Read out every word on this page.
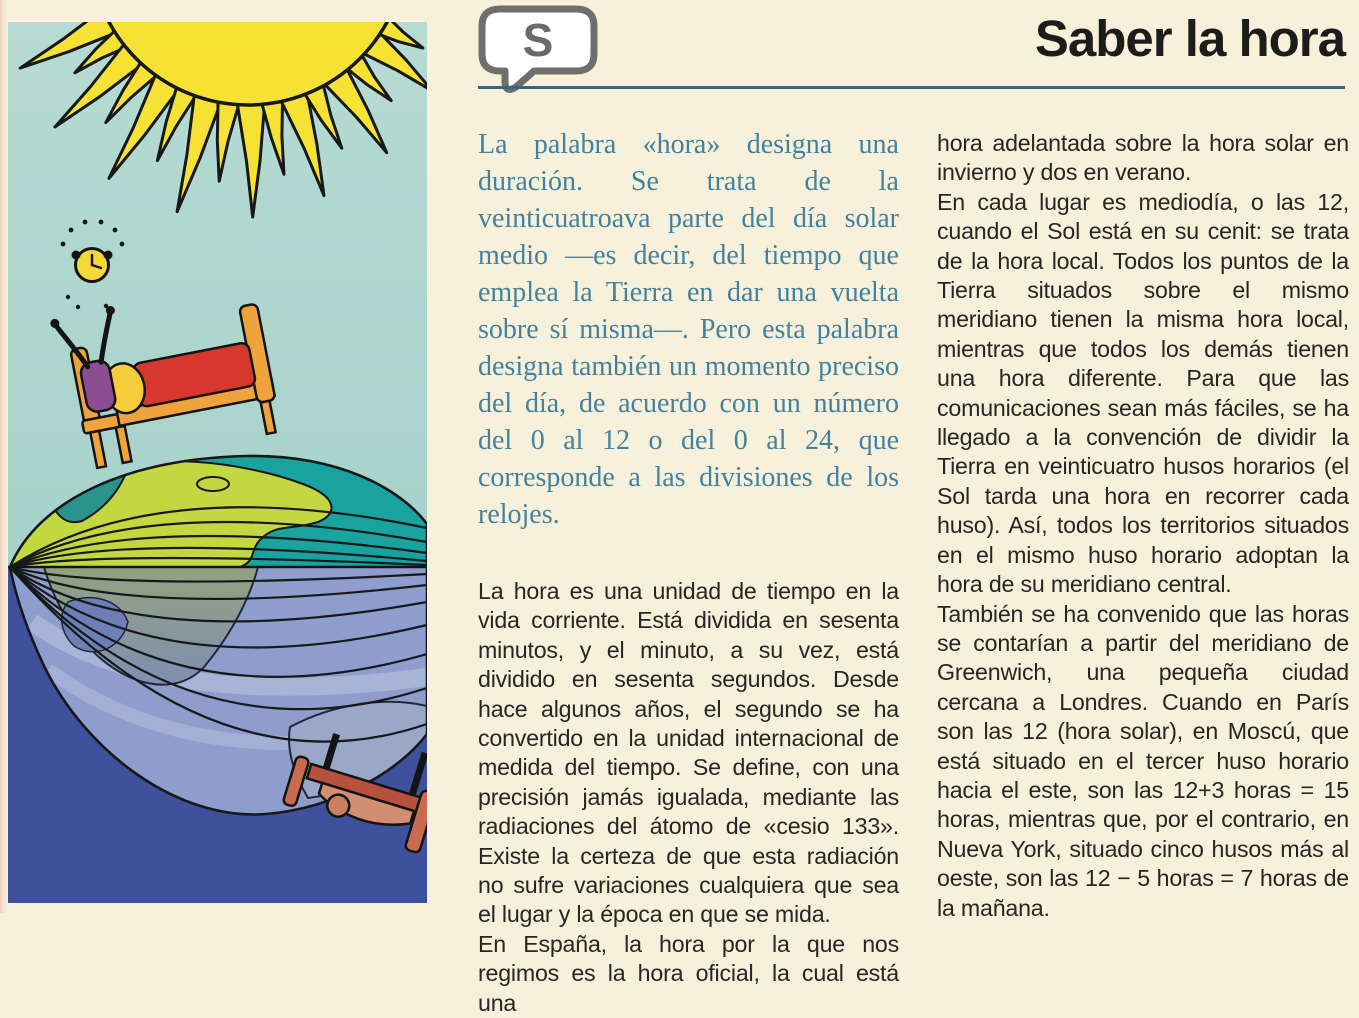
S	Saber la hora

La palabra «hora» designa una duración. Se trata de la veinticuatroava parte del día solar medio —es decir, del tiempo que emplea la Tierra en dar una vuelta sobre sí misma—. Pero esta palabra designa también un momento preciso del día, de acuerdo con un número del 0 al 12 o del 0 al 24, que corresponde a las divisiones de los relojes.

La hora es una unidad de tiempo en la vida corriente. Está dividida en sesenta minutos, y el minuto, a su vez, está dividido en sesenta segundos. Desde hace algunos años, el segundo se ha convertido en la unidad internacional de medida del tiempo. Se define, con una precisión jamás igualada, mediante las radiaciones del átomo de «cesio 133». Existe la certeza de que esta radiación no sufre variaciones cualquiera que sea el lugar y la época en que se mida.

En España, la hora por la que nos regimos es la hora oficial, la cual está una

hora adelantada sobre la hora solar en invierno y dos en verano.

En cada lugar es mediodía, o las 12, cuando el Sol está en su cenit: se trata de la hora local. Todos los puntos de la Tierra situados sobre el mismo meridiano tienen la misma hora local, mientras que todos los demás tienen una hora diferente. Para que las comunicaciones sean más fáciles, se ha llegado a la convención de dividir la Tierra en veinticuatro husos horarios (el Sol tarda una hora en recorrer cada huso). Así, todos los territorios situados en el mismo huso horario adoptan la hora de su meridiano central.

También se ha convenido que las horas se contarían a partir del meridiano de Greenwich, una pequeña ciudad cercana a Londres. Cuando en París son las 12 (hora solar), en Moscú, que está situado en el tercer huso horario hacia el este, son las 12+3 horas = 15 horas, mientras que, por el contrario, en Nueva York, situado cinco husos más al oeste, son las 12 − 5 horas = 7 horas de la mañana.
